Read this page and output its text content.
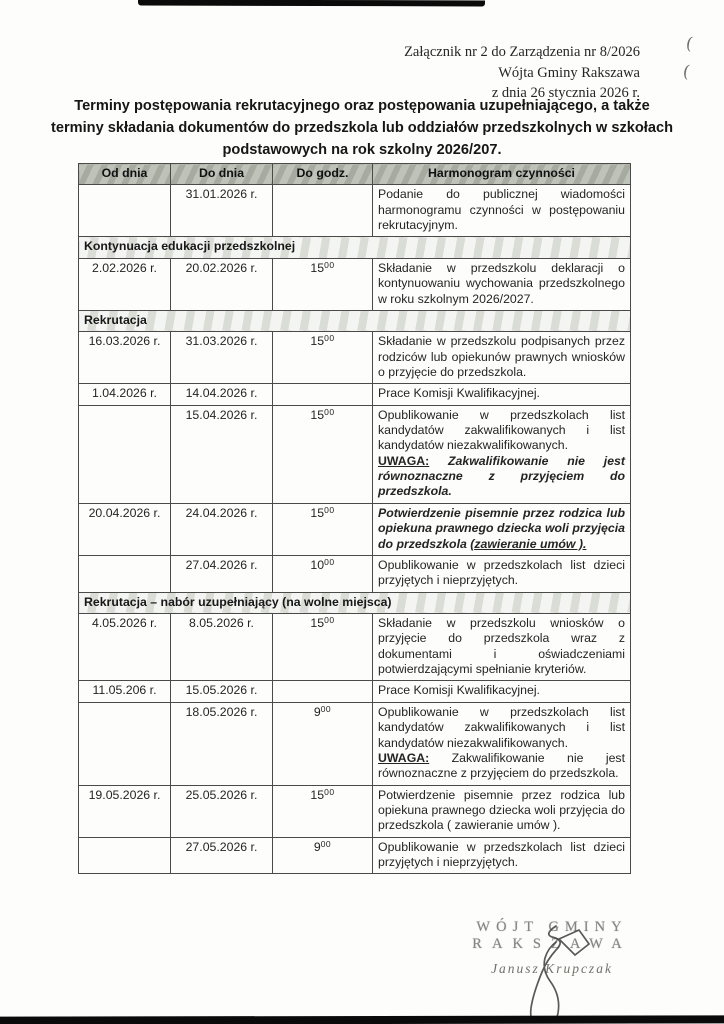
(
(
Załącznik nr 2 do Zarządzenia nr 8/2026
Wójta Gminy Rakszawa
z dnia 26 stycznia 2026 r.
Terminy postępowania rekrutacyjnego oraz postępowania uzupełniającego, a także terminy składania dokumentów do przedszkola lub oddziałów przedszkolnych w szkołach podstawowych na rok szkolny 2026/207.
Od dnia	Do dnia	Do godz.	Harmonogram czynności
	31.01.2026 r.		Podanie do publicznej wiadomości harmonogramu czynności w postępowaniu rekrutacyjnym.
Kontynuacja edukacji przedszkolnej			
2.02.2026 r.	20.02.2026 r.	$15^{00}$	Składanie w przedszkolu deklaracji o kontynuowaniu wychowania przedszkolnego w roku szkolnym 2026/2027.
Rekrutacja			
16.03.2026 r.	31.03.2026 r.	$15^{00}$	Składanie w przedszkolu podpisanych przez rodziców lub opiekunów prawnych wniosków o przyjęcie do przedszkola.
1.04.2026 r.	14.04.2026 r.		Prace Komisji Kwalifikacyjnej.
	15.04.2026 r.	$15^{00}$	Opublikowanie w przedszkolach list kandydatów zakwalifikowanych i list kandydatów niezakwalifikowanych.
UWAGA: Zakwalifikowanie nie jest równoznaczne z przyjęciem do przedszkola.
20.04.2026 r.	24.04.2026 r.	$15^{00}$	Potwierdzenie pisemnie przez rodzica lub opiekuna prawnego dziecka woli przyjęcia do przedszkola (zawieranie umów ).
	27.04.2026 r.	$10^{00}$	Opublikowanie w przedszkolach list dzieci przyjętych i nieprzyjętych.
Rekrutacja – nabór uzupełniający (na wolne miejsca)			
4.05.2026 r.	8.05.2026 r.	$15^{00}$	Składanie w przedszkolu wniosków o przyjęcie do przedszkola wraz z dokumentami i oświadczeniami potwierdzającymi spełnianie kryteriów.
11.05.206 r.	15.05.2026 r.		Prace Komisji Kwalifikacyjnej.
	18.05.2026 r.	$9^{00}$	Opublikowanie w przedszkolach list kandydatów zakwalifikowanych i list kandydatów niezakwalifikowanych.
UWAGA: Zakwalifikowanie nie jest równoznaczne z przyjęciem do przedszkola.
19.05.2026 r.	25.05.2026 r.	$15^{00}$	Potwierdzenie pisemnie przez rodzica lub opiekuna prawnego dziecka woli przyjęcia do przedszkola ( zawieranie umów ).
	27.05.2026 r.	$9^{00}$	Opublikowanie w przedszkolach list dzieci przyjętych i nieprzyjętych.
WÓJT GMINY
RAKSZAWA
Janusz Krupczak
